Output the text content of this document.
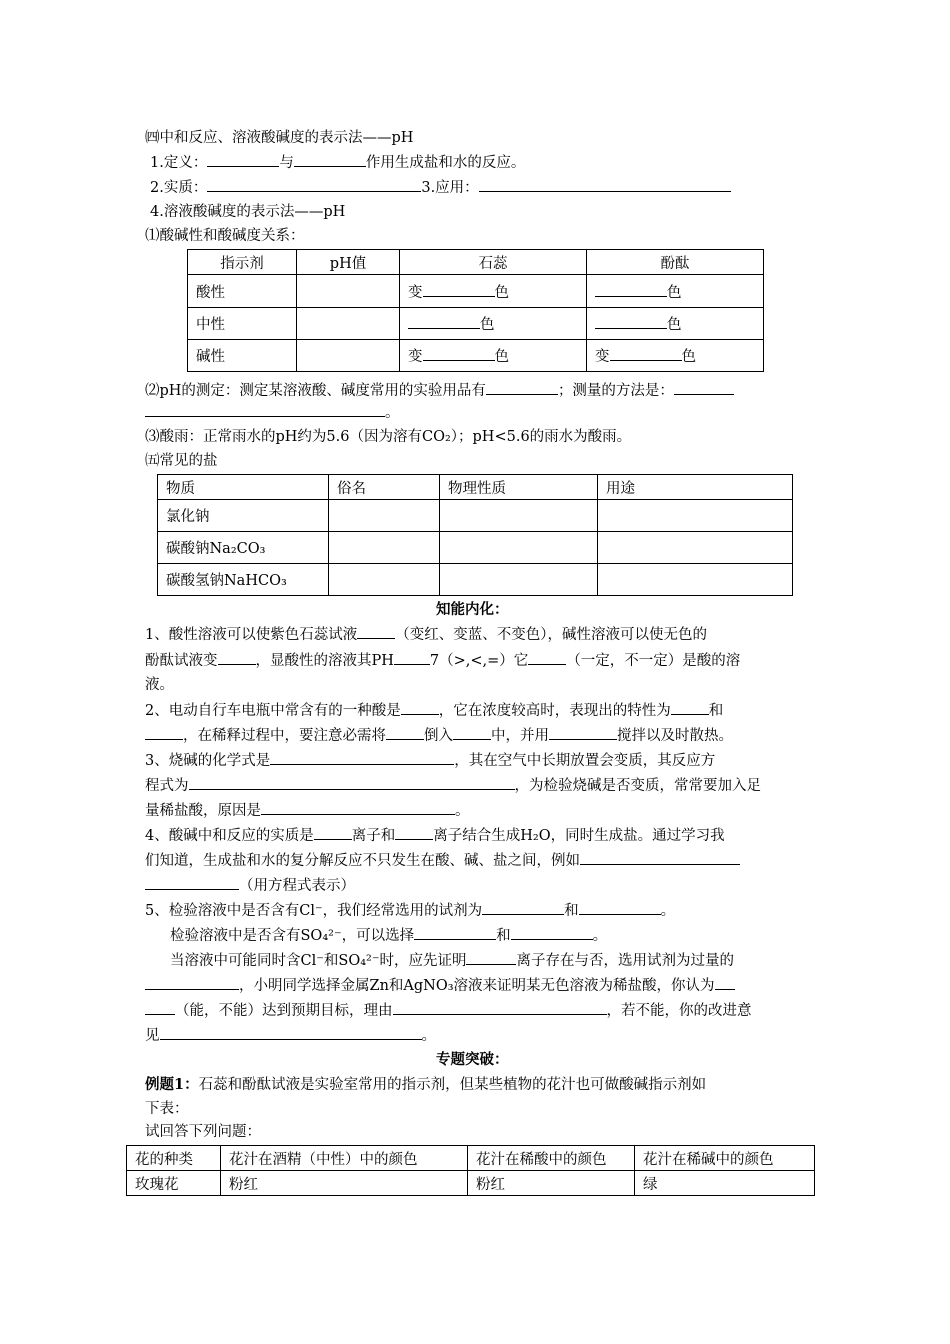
㈣中和反应、溶液酸碱度的表示法——pH
1.定义：	与	作用生成盐和水的反应。
2.实质：	3.应用：
4.溶液酸碱度的表示法——pH
⑴酸碱性和酸碱度关系：
指示剂	pH值	石蕊	酚酞
酸性		变 色	色
中性		色	色
碱性		变 色	变 色
⑵pH的测定：测定某溶液酸、碱度常用的实验用品有	；测量的方法是：
。
⑶酸雨：正常雨水的pH约为5.6（因为溶有CO₂）；pH<5.6的雨水为酸雨。
㈤常见的盐
物质	俗名	物理性质	用途
氯化钠			
碳酸钠Na₂CO₃			
碳酸氢钠NaHCO₃			
知能内化：
1、酸性溶液可以使紫色石蕊试液	（变红、变蓝、不变色），碱性溶液可以使无色的
酚酞试液变	，显酸性的溶液其PH 7（>,<,=）它	（一定，不一定）是酸的溶
液。
2、电动自行车电瓶中常含有的一种酸是	，它在浓度较高时，表现出的特性为	和
，在稀释过程中，要注意必需将	倒入	中，并用	搅拌以及时散热。
3、烧碱的化学式是	，其在空气中长期放置会变质，其反应方
程式为	，为检验烧碱是否变质，常常要加入足
量稀盐酸，原因是	。
4、酸碱中和反应的实质是	离子和	离子结合生成H₂O，同时生成盐。通过学习我
们知道，生成盐和水的复分解反应不只发生在酸、碱、盐之间，例如
（用方程式表示）
5、检验溶液中是否含有Cl⁻，我们经常选用的试剂为	和	。
检验溶液中是否含有SO₄²⁻，可以选择	和	。
当溶液中可能同时含Cl⁻和SO₄²⁻时，应先证明	离子存在与否，选用试剂为过量的
，小明同学选择金属Zn和AgNO₃溶液来证明某无色溶液为稀盐酸，你认为
（能，不能）达到预期目标，理由	，若不能，你的改进意
见	。
专题突破：
例题1：石蕊和酚酞试液是实验室常用的指示剂，但某些植物的花汁也可做酸碱指示剂如
下表：
试回答下列问题：
花的种类	花汁在酒精（中性）中的颜色	花汁在稀酸中的颜色	花汁在稀碱中的颜色
玫瑰花	粉红	粉红	绿
